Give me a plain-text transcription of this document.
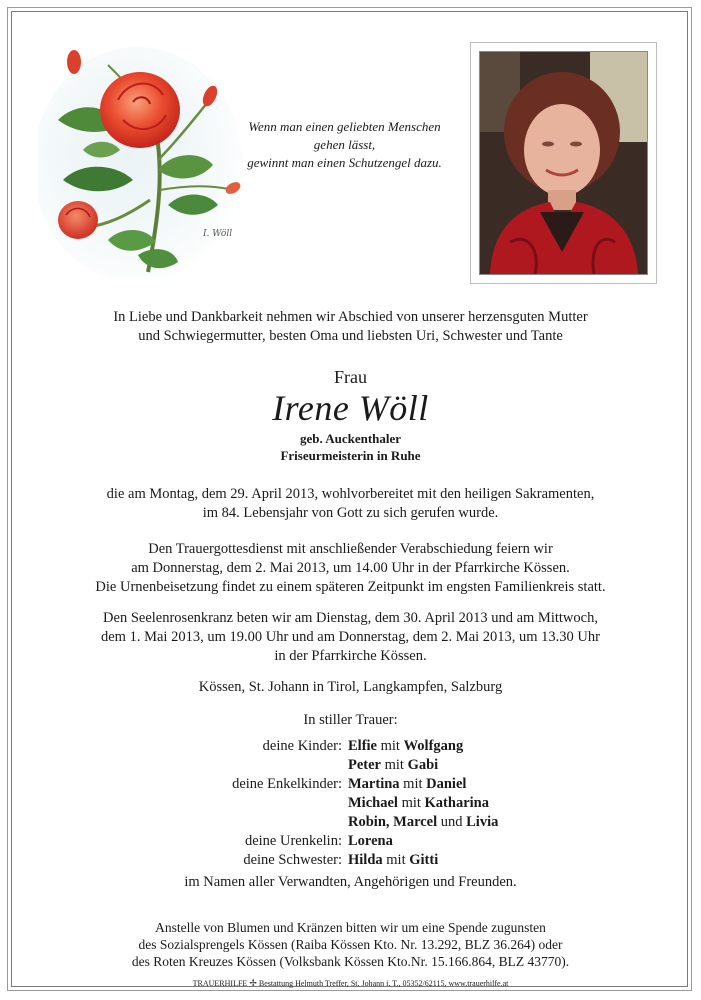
I. Wöll
Wenn man einen geliebten Menschen
gehen lässt,
gewinnt man einen Schutzengel dazu.
In Liebe und Dankbarkeit nehmen wir Abschied von unserer herzensguten Mutter
und Schwiegermutter, besten Oma und liebsten Uri, Schwester und Tante
Frau
Irene Wöll
geb. Auckenthaler
Friseurmeisterin in Ruhe
die am Montag, dem 29. April 2013, wohlvorbereitet mit den heiligen Sakramenten,
im 84. Lebensjahr von Gott zu sich gerufen wurde.
Den Trauergottesdienst mit anschließender Verabschiedung feiern wir
am Donnerstag, dem 2. Mai 2013, um 14.00 Uhr in der Pfarrkirche Kössen.
Die Urnenbeisetzung findet zu einem späteren Zeitpunkt im engsten Familienkreis statt.
Den Seelenrosenkranz beten wir am Dienstag, dem 30. April 2013 und am Mittwoch,
dem 1. Mai 2013, um 19.00 Uhr und am Donnerstag, dem 2. Mai 2013, um 13.30 Uhr
in der Pfarrkirche Kössen.
Kössen, St. Johann in Tirol, Langkampfen, Salzburg
In stiller Trauer:
deine Kinder: Elfie mit Wolfgang
Peter mit Gabi
deine Enkelkinder: Martina mit Daniel
Michael mit Katharina
Robin, Marcel und Livia
deine Urenkelin: Lorena
deine Schwester: Hilda mit Gitti
im Namen aller Verwandten, Angehörigen und Freunden.
Anstelle von Blumen und Kränzen bitten wir um eine Spende zugunsten
des Sozialsprengels Kössen (Raiba Kössen Kto. Nr. 13.292, BLZ 36.264) oder
des Roten Kreuzes Kössen (Volksbank Kössen Kto.Nr. 15.166.864, BLZ 43770).
TRAUERHILFE ✢ Bestattung Helmuth Treffer, St. Johann i. T., 05352/62115, www.trauerhilfe.at
